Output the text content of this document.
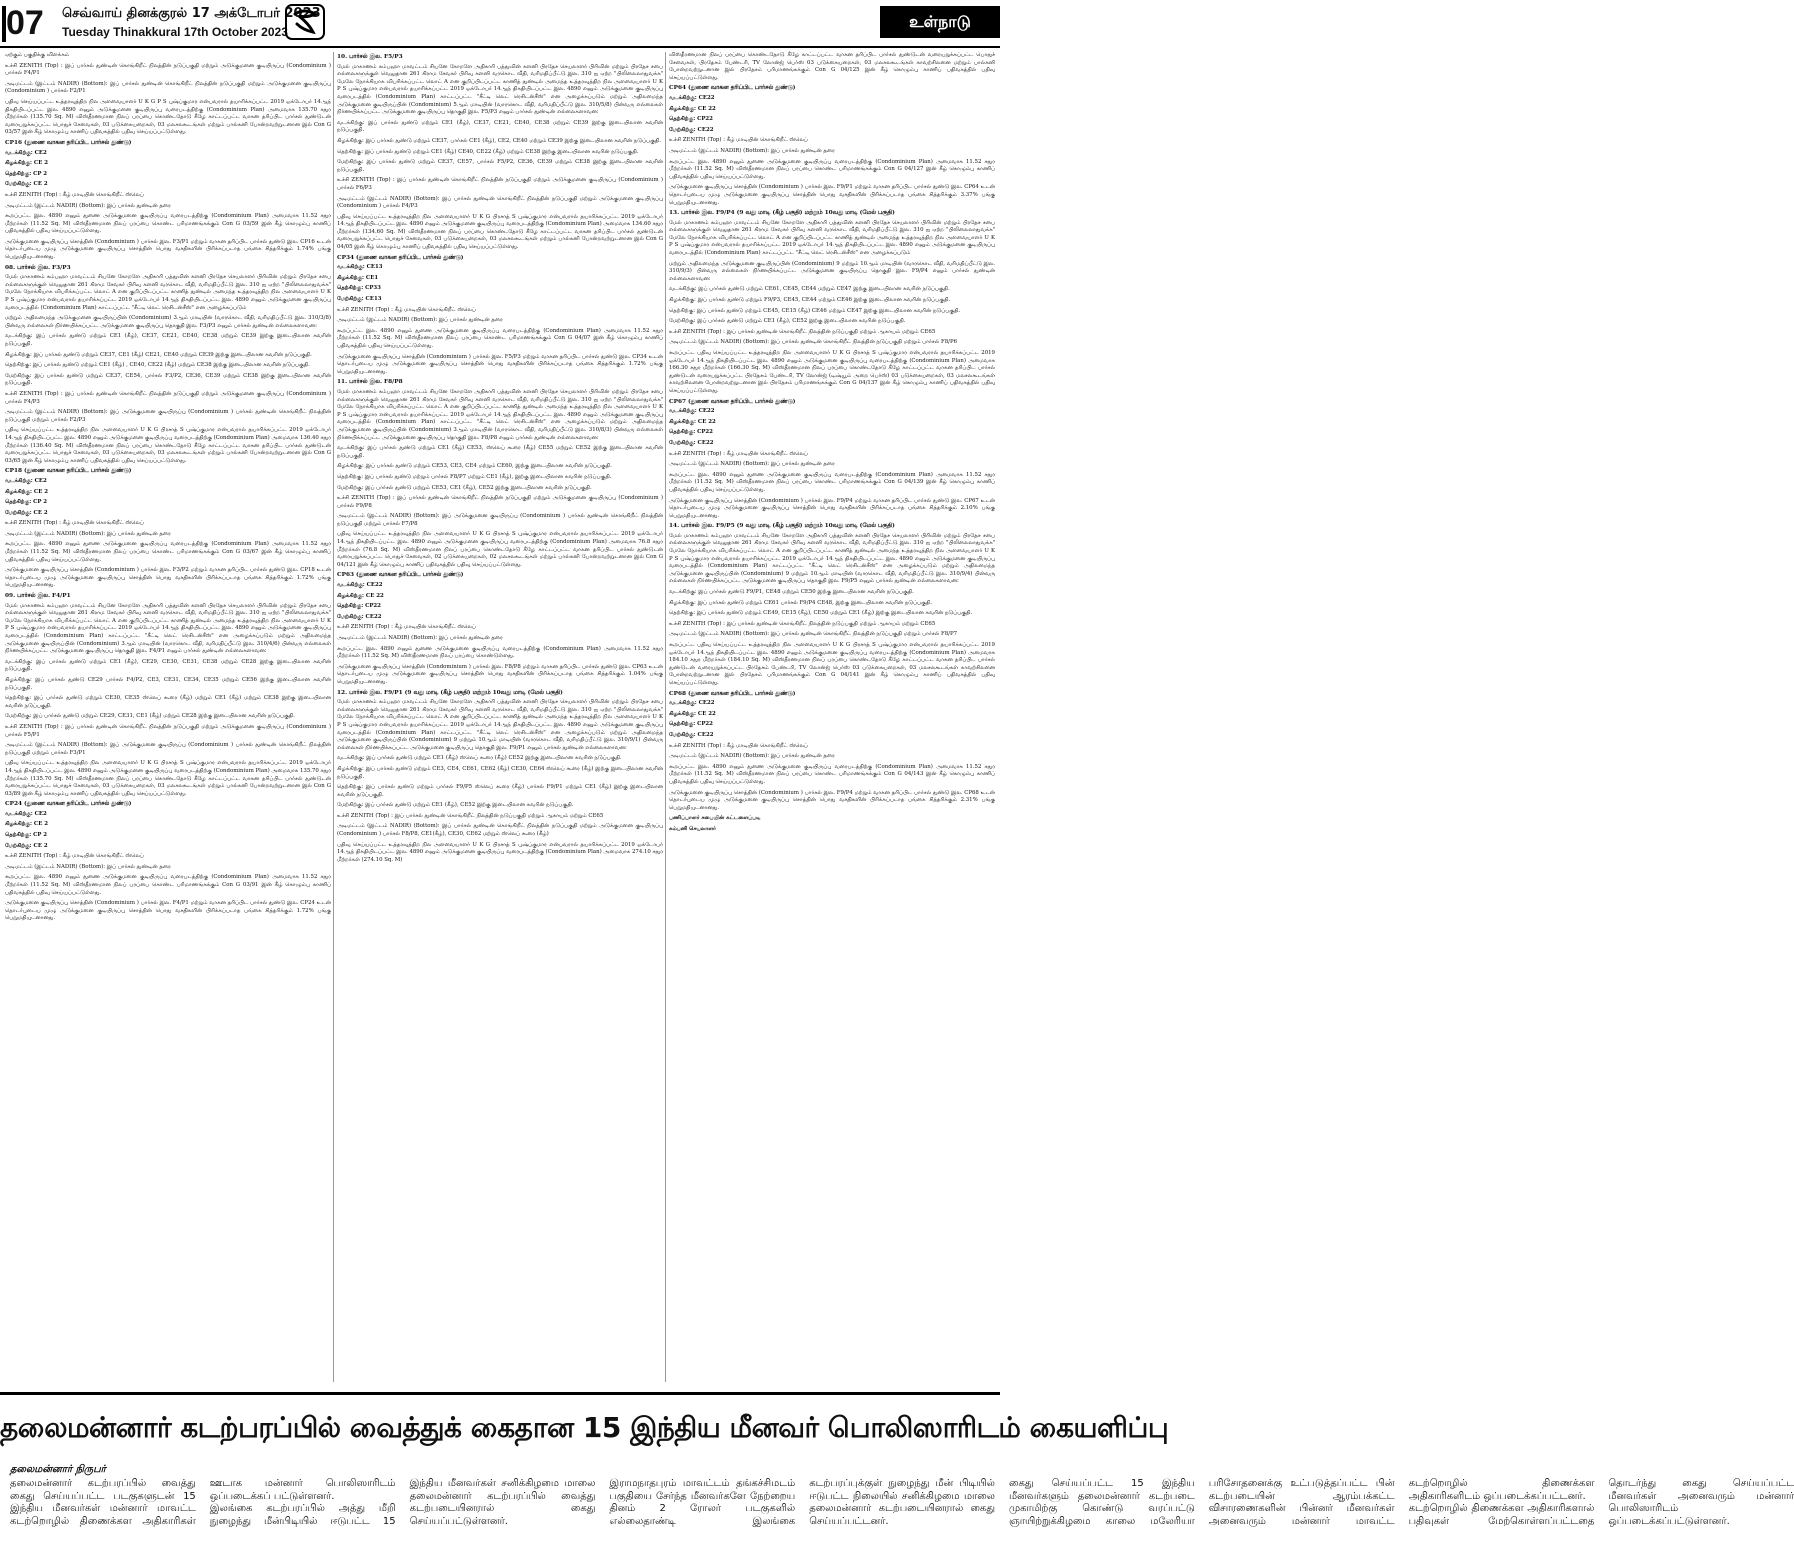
07 செவ்வாய் தினக்குரல் 17 அக்டோபர் 2023
Tuesday Thinakkural 17th October 2023
உள்நாடு

ஏற்கும் பகுதிக்கு விளக்கம்

உச்சி ZENITH (Top) : இப் பார்சல் துண்டின் கொங்கிறீட் நிலத்தின் நடுப்பகுதி மற்றும் அடுக்குமனை குடியிருப்பு (Condominium ) பார்சல் F4/P1

அடிமட்டம் (இட்டம் NADIR) (Bottom): இப் பார்சல் துண்டின் கொங்கிறீட் நிலத்தின் நடுப்பகுதி மற்றும் அடுக்குமனை குடியிருப்பு (Condominium ) பார்சல் F2/P1

பதிவு செய்யப்பட்ட உத்தரவுத்திற நில அளவையாளர் U K G P S புஷ்ப்குமார என்பவரால் தயாரிக்கப்பட்ட 2019 ஒக்டோபர் 14ஆந் திகதியிடப்பட்ட இல. 4890 எனும் அடுக்குமனை குடியிருப்பு வரைபடத்திற்கு (Condominium Plan) அமைவாக 135.70 சதுர மீற்றர்கள் (135.70 Sq. M) விஸ்தீரணமான நிலப் பரப்பை கொண்டதோடு கீழே காட்டப்பட்ட வாகன தரிப்பிட பார்சல் துண்டுடன் வரையறுக்கப்பட்ட பொதுச் சேவைகள், 03 படுக்கையறைகள், 03 மலசலகூடங்கள் மற்றும் பால்கனி போன்றவற்றுடனான இல் Con G 03/57 இன் கீழ் கொழும்பு காணிப் பதிவகத்தில் பதிவு செய்யப்பட்டுள்ளது.

CP16 (துணை வாகன தரிப்பிட பார்சல் துண்டு)

வடக்கிற்கு: CE2

கிழக்கிற்கு: CE 2

தெற்கிற்கு: CP 2

மேற்கிற்கு: CE 2

உச்சி ZENITH (Top) : கீழ் மாடியின் கொங்கிறீட் ஸ்லெப்

அடிமட்டம் (இட்டம் NADIR) (Bottom): இப் பார்சல் துண்டின் தரை

கூறப்பட்ட இல. 4890 எனும் துணை அடுக்குமனை குடியிருப்பு வரைபடத்திற்கு (Condominium Plan) அமைவாக 11.52 சதுர மீற்றர்கள் (11.52 Sq. M) விஸ்தீரணமான நிலப் பரப்பை கொண்ட பரிமாணங்கக்கும் Con G 03/59 இன் கீழ் கொழும்பு காணிப் பதிவகத்தில் பதிவு செய்யப்பட்டுள்ளது.

அடுக்குமனை குடியிருப்பு சொத்தின் (Condominium ) பார்சல் இல. F3/P1 மற்றும் வாகன தரிப்பிட பார்சல் துண்டு இல. CP16 உடன் தொடர்புடைய முழு அடுக்குமனை குடியிருப்பு சொத்தின் பொது வசதிகளின் பிரிக்கப்படாத பங்கை சித்தரிக்கும் 1.74% பங்கு பெறுமதியுடனானது.

08. பார்சல் இல. F3/P3

மேல் மாகாணம் கம்பஹா மாவட்டம் சியனே கோறளே அதிகாரி பத்துவின் களனி பிரதேச செயலாளர் பிரிவின் மற்றும் பிரதேச சபை எல்லைகளுக்குள் வெலுதான 261 கிராம சேவகர் பிரிவு களனி வரகொட வீதி, வரிமதிப்பீட்டு இல. 310 ஐ ஏற்ற "பிலிலைலாதுவக்க" மேலே நோக்கியாக விபரிக்கப்பட்ட லொட் A என குறிப்பிடப்பட்ட காணித் துண்டில் அமைந்த உத்தரவுத்திற நில அளவையாளர் U K P S புஷ்ப்குமார என்பவரால் தயாரிக்கப்பட்ட 2019 ஒக்டோபர் 14ஆந் திகதியிடப்பட்ட இல. 4890 எனும் அடுக்குமனை குடியிருப்பு வரைபடத்தில் (Condominium Plan) காட்டப்பட்ட "சீட்டி லெட் ரெசிடன்சீஸ்" என அழைக்கப்படும்

மற்றும் அதிலமைந்த அடுக்குமனை குடியிருப்பின் (Condominium) 3ஆம் மாடியின் (வாரகொட வீதி, வரிமதிப்பீட்டு இல. 310/3/8) பின்வரு எல்லைகள் நிர்ணயிக்கப்பட்ட அடுக்குமனை குடியிருப்பு தொகுதி இல. F3/P3 எனும் பார்சல் துண்டின் எல்லைகளாவன:

வடக்கிற்கு: இப் பார்சல் துண்டு மற்றும் CE1 (கீழ்), CE37, CE21, CE40, CE38 மற்றும் CE39 இற்கு இடையிலான சுவரின் நடுப்பகுதி.

கிழக்கிற்கு: இப் பார்சல் துண்டு மற்றும் CE37, CE1 (கீழ்) CE21, CE40 மற்றும் CE39 இற்கு இடையிலான சுவரின் நடுப்பகுதி.

தெற்கிற்கு: இப் பார்சல் துண்டு மற்றும் CE1 (கீழ்) , CE40, CE22 (கீழ்) மற்றும் CE38 இற்கு இடையிலான சுவரின் நடுப்பகுதி.

மேற்கிற்கு: இப் பார்சல் துண்டு மற்றும் CE37, CE54, பார்சல் F3/P2, CE36, CE39 மற்றும் CE38 இற்கு இடையிலான சுவரின் நடுப்பகுதி.

உச்சி ZENITH (Top) : இப் பார்சல் துண்டின் கொங்கிறீட் நிலத்தின் நடுப்பகுதி மற்றும் அடுக்குமனை குடியிருப்பு (Condominium ) பார்சல் F4/P3

அடிமட்டம் (இட்டம் NADIR) (Bottom): இப் அடுக்குமனை குடியிருப்பு (Condominium ) பார்சல் துண்டின் கொங்கிறீட் நிலத்தின் நடுப்பகுதி மற்றும் பார்சல் F2/P3

பதிவு செய்யப்பட்ட உத்தரவுத்திற நில அளவையாளர் U K G பிரசாத் S புஷ்ப்குமார என்பவரால் தயாரிக்கப்பட்ட 2019 ஒக்டோபர் 14ஆந் திகதியிடப்பட்ட இல. 4890 எனும் அடுக்குமனை குடியிருப்பு வரைபடத்திற்கு (Condominium Plan) அமைவாக 136.40 சதுர மீற்றர்கள் (136.40 Sq. M) விஸ்தீரணமான நிலப் பரப்பை கொண்டதோடு கீழே காட்டப்பட்ட வாகன தரிப்பிட பார்சல் துண்டுடன் வரையறுக்கப்பட்ட பொதுச் சேவைகள், 03 படுக்கையறைகள், 03 மலசலகூடங்கள் மற்றும் பால்கனி போன்றவற்றுடனான இல் Con G 03/65 இன் கீழ் கொழும்பு காணிப் பதிவகத்தில் பதிவு செய்யப்பட்டுள்ளது.

CP18 (துணை வாகன தரிப்பிட பார்சல் துண்டு)

வடக்கிற்கு: CE2

கிழக்கிற்கு: CE 2

தெற்கிற்கு: CP 2

மேற்கிற்கு: CE 2

உச்சி ZENITH (Top) : கீழ் மாடியின் கொங்கிறீட் ஸ்லெப்

அடிமட்டம் (இட்டம் NADIR) (Bottom): இப் பார்சல் துண்டின் தரை

கூறப்பட்ட இல. 4890 எனும் துணை அடுக்குமனை குடியிருப்பு வரைபடத்திற்கு (Condominium Plan) அமைவாக 11.52 சதுர மீற்றர்கள் (11.52 Sq. M) விஸ்தீரணமான நிலப் பரப்பை கொண்ட பரிமாணங்கக்கும் Con G 03/67 இன் கீழ் கொழும்பு காணிப் பதிவகத்தில் பதிவு செய்யப்பட்டுள்ளது.

அடுக்குமனை குடியிருப்பு சொத்தின் (Condominium ) பார்சல் இல. F3/P2 மற்றும் வாகன தரிப்பிட பார்சல் துண்டு இல. CP18 உடன் தொடர்புடைய முழு அடுக்குமனை குடியிருப்பு சொத்தின் பொது வசதிகளின் பிரிக்கப்படாத பங்கை சித்தரிக்கும் 1.72% பங்கு பெறுமதியுடனானது.

09. பார்சல் இல. F4/P1

மேல் மாகாணம் கம்பஹா மாவட்டம் சியனே கோறளே அதிகாரி பத்துவின் களனி பிரதேச செயலாளர் பிரிவின் மற்றும் பிரதேச சபை எல்லைகளுக்குள் வெலுதான 261 கிராம சேவகர் பிரிவு களனி வரகொட வீதி, வரிமதிப்பீட்டு இல. 310 ஐ ஏற்ற "பிலிலைலாதுவக்க" மேலே நோக்கியாக விபரிக்கப்பட்ட லொட் A என குறிப்பிடப்பட்ட காணித் துண்டில் அமைந்த உத்தரவுத்திற நில அளவையாளர் U K P S புஷ்ப்குமார என்பவரால் தயாரிக்கப்பட்ட 2019 ஒக்டோபர் 14ஆந் திகதியிடப்பட்ட இல. 4890 எனும் அடுக்குமனை குடியிருப்பு வரைபடத்தில் (Condominium Plan) காட்டப்பட்ட "சீட்டி லெட் ரெசிடன்சீஸ்" என அழைக்கப்படும் மற்றும் அதிலமைந்த அடுக்குமனை குடியிருப்பின் (Condominium) 3ஆம் மாடியின் (வாரகொட வீதி, வரிமதிப்பீட்டு இல. 310/4/6) பின்வரு எல்லைகள் நிர்ணயிக்கப்பட்ட அடுக்குமனை குடியிருப்பு தொகுதி இல. F4/P1 எனும் பார்சல் துண்டின் எல்லைகளாவன:

வடக்கிற்கு: இப் பார்சல் துண்டு மற்றும் CE1 (கீழ்), CE29, CE30, CE31, CE38 மற்றும் CE28 இற்கு இடையிலான சுவரின் நடுப்பகுதி.

கிழக்கிற்கு: இப் பார்சல் துண்டு CE29 பார்சல் F4/P2, CE3, CE31, CE34, CE35 மற்றும் CE56 இற்கு இடையிலான சுவரின் நடுப்பகுதி.

தெற்கிற்கு: இப் பார்சல் துண்டு மற்றும் CE30, CE35 ஸ்லெப் கூரை (கீழ்) மற்றும் CE1 (கீழ்) மற்றும் CE38 இற்கு இடையிலான சுவரின் நடுப்பகுதி.

மேற்கிற்கு: இப் பார்சல் துண்டு மற்றும் CE29, CE31, CE1 (கீழ்) மற்றும் CE28 இற்கு இடையிலான சுவரின் நடுப்பகுதி.

உச்சி ZENITH (Top) : இப் பார்சல் துண்டின் கொங்கிறீட் நிலத்தின் நடுப்பகுதி மற்றும் அடுக்குமனை குடியிருப்பு (Condominium ) பார்சல் F5/P1

அடிமட்டம் (இட்டம் NADIR) (Bottom): இப் அடுக்குமனை குடியிருப்பு (Condominium ) பார்சல் துண்டின் கொங்கிறீட் நிலத்தின் நடுப்பகுதி மற்றும் பார்சல் F3/P1

பதிவு செய்யப்பட்ட உத்தரவுத்திற நில அளவையாளர் U K G பிரசாத் S புஷ்ப்குமார என்பவரால் தயாரிக்கப்பட்ட 2019 ஒக்டோபர் 14ஆந் திகதியிடப்பட்ட இல. 4890 எனும் அடுக்குமனை குடியிருப்பு வரைபடத்திற்கு (Condominium Plan) அமைவாக 135.70 சதுர மீற்றர்கள் (135.70 Sq. M) விஸ்தீரணமான நிலப் பரப்பை கொண்டதோடு கீழே காட்டப்பட்ட வாகன தரிப்பிட பார்சல் துண்டுடன் வரையறுக்கப்பட்ட பொதுச் சேவைகள், 03 படுக்கையறைகள், 03 மலசலகூடங்கள் மற்றும் பால்கனி போன்றவற்றுடனான இல் Con G 03/89 இன் கீழ் கொழும்பு காணிப் பதிவகத்தில் பதிவு செய்யப்பட்டுள்ளது.

CP24 (துணை வாகன தரிப்பிட பார்சல் துண்டு)

வடக்கிற்கு: CE2

கிழக்கிற்கு: CE 2

தெற்கிற்கு: CP 2

மேற்கிற்கு: CE 2

உச்சி ZENITH (Top) : கீழ் மாடியின் கொங்கிறீட் ஸ்லெப்

அடிமட்டம் (இட்டம் NADIR) (Bottom): இப் பார்சல் துண்டின் தரை

கூறப்பட்ட இல. 4890 எனும் துணை அடுக்குமனை குடியிருப்பு வரைபடத்திற்கு (Condominium Plan) அமைவாக 11.52 சதுர மீற்றர்கள் (11.52 Sq. M) விஸ்தீரணமான நிலப் பரப்பை கொண்ட பரிமாணங்கக்கும் Con G 03/91 இன் கீழ் கொழும்பு காணிப் பதிவகத்தில் பதிவு செய்யப்பட்டுள்ளது.

அடுக்குமனை குடியிருப்பு சொத்தின் (Condominium ) பார்சல் இல. F4/P1 மற்றும் வாகன தரிப்பிட பார்சல் துண்டு இல. CP24 உடன் தொடர்புடைய முழு அடுக்குமனை குடியிருப்பு சொத்தின் பொது வசதிகளின் பிரிக்கப்படாத பங்கை சித்தரிக்கும் 1.72% பங்கு பெறுமதியுடனானது.

10. பார்சல் இல. F5/P3

மேல் மாகாணம் கம்பஹா மாவட்டம் சியனே கோறளே அதிகாரி பத்துவின் களனி பிரதேச செயலாளர் பிரிவின் மற்றும் பிரதேச சபை எல்லைகளுக்குள் வெலுதான 261 கிராம சேவகர் பிரிவு களனி வரகொட வீதி, வரிமதிப்பீட்டு இல. 310 ஐ ஏற்ற "பிலிலைலாதுவக்க" மேலே நோக்கியாக விபரிக்கப்பட்ட லொட் A என குறிப்பிடப்பட்ட காணித் துண்டில் அமைந்த உத்தரவுத்திற நில அளவையாளர் U K P S புஷ்ப்குமார என்பவரால் தயாரிக்கப்பட்ட 2019 ஒக்டோபர் 14ஆந் திகதியிடப்பட்ட இல. 4890 எனும் அடுக்குமனை குடியிருப்பு வரைபடத்தில் (Condominium Plan) காட்டப்பட்ட "சீட்டி லெட் ரெசிடன்சீஸ்" என அழைக்கப்படும் மற்றும் அதிலமைந்த அடுக்குமனை குடியிருப்பின் (Condominium) 5ஆம் மாடியின் (வாரகொட வீதி, வரிமதிப்பீட்டு இல. 310/5/8) பின்வரு எல்லைகள் நிர்ணயிக்கப்பட்ட அடுக்குமனை குடியிருப்பு தொகுதி இல. F5/P3 எனும் பார்சல் துண்டின் எல்லைகளாவன:

வடக்கிற்கு: இப் பார்சல் துண்டு மற்றும் CE1 (கீழ்), CE37, CE21, CE40, CE38 மற்றும் CE39 இற்கு இடையிலான சுவரின் நடுப்பகுதி.

கிழக்கிற்கு: இப் பார்சல் துண்டு மற்றும் CE37, பார்சல் CE1 (கீழ்), CE2, CE40 மற்றும் CE39 இற்கு இடையிலான சுவரின் நடுப்பகுதி.

தெற்கிற்கு: இப் பார்சல் துண்டு மற்றும் CE1 (கீழ்) CE40, CE22 (கீழ்) மற்றும் CE38 இற்கு இடையிலான சுவரின் நடுப்பகுதி.

மேற்கிற்கு: இப் பார்சல் துண்டு மற்றும் CE37, CE57, பார்சல் F5/P2, CE36, CE39 மற்றும் CE38 இற்கு இடையிலான சுவரின் நடுப்பகுதி.

உச்சி ZENITH (Top) : இப் பார்சல் துண்டின் கொங்கிறீட் நிலத்தின் நடுப்பகுதி மற்றும் அடுக்குமனை குடியிருப்பு (Condominium ) பார்சல் F6/P3

அடிமட்டம் (இட்டம் NADIR) (Bottom): இப் பார்சல் துண்டின் கொங்கிறீட் நிலத்தின் நடுப்பகுதி மற்றும் அடுக்குமனை குடியிருப்பு (Condominium ) பார்சல் F4/P3

பதிவு செய்யப்பட்ட உத்தரவுத்திற நில அளவையாளர் U K G பிரசாத் S புஷ்ப்குமார என்பவரால் தயாரிக்கப்பட்ட 2019 ஒக்டோபர் 14ஆந் திகதியிடப்பட்ட இல. 4890 எனும் அடுக்குமனை குடியிருப்பு வரைபடத்திற்கு (Condominium Plan) அமைவாக 134.60 சதுர மீற்றர்கள் (134.60 Sq. M) விஸ்தீரணமான நிலப் பரப்பை கொண்டதோடு கீழே காட்டப்பட்ட வாகன தரிப்பிட பார்சல் துண்டுடன் வரையறுக்கப்பட்ட பொதுச் சேவைகள், 03 படுக்கையறைகள், 03 மலசலகூடங்கள் மற்றும் பால்கனி போன்றவற்றுடனான இல் Con G 04/05 இன் கீழ் கொழும்பு காணிப் பதிவகத்தில் பதிவு செய்யப்பட்டுள்ளது.

CP34 (துணை வாகன தரிப்பிட பார்சல் துண்டு)

வடக்கிற்கு: CE13

கிழக்கிற்கு: CE1

தெற்கிற்கு: CP33

மேற்கிற்கு: CE13

உச்சி ZENITH (Top) : கீழ் மாடியின் கொங்கிறீட் ஸ்லெப்

அடிமட்டம் (இட்டம் NADIR) (Bottom): இப் பார்சல் துண்டின் தரை

கூறப்பட்ட இல. 4890 எனும் துணை அடுக்குமனை குடியிருப்பு வரைபடத்திற்கு (Condominium Plan) அமைவாக 11.52 சதுர மீற்றர்கள் (11.52 Sq. M) விஸ்தீரணமான நிலப் பரப்பை கொண்ட பரிமாணங்கக்கும் Con G 04/07 இன் கீழ் கொழும்பு காணிப் பதிவகத்தில் பதிவு செய்யப்பட்டுள்ளது.

அடுக்குமனை குடியிருப்பு சொத்தின் (Condominium ) பார்சல் இல. F5/P3 மற்றும் வாகன தரிப்பிட பார்சல் துண்டு இல. CP34 உடன் தொடர்புடைய முழு அடுக்குமனை குடியிருப்பு சொத்தின் பொது வசதிகளின் பிரிக்கப்படாத பங்கை சித்தரிக்கும் 1.72% பங்கு பெறுமதியுடனானது.

11. பார்சல் இல. F8/P8

மேல் மாகாணம் கம்பஹா மாவட்டம் சியனே கோறளே அதிகாரி பத்துவின் களனி பிரதேச செயலாளர் பிரிவின் மற்றும் பிரதேச சபை எல்லைகளுக்குள் வெலுதான 261 கிராம சேவகர் பிரிவு களனி வரகொட வீதி, வரிமதிப்பீட்டு இல. 310 ஐ ஏற்ற "பிலிலைலாதுவக்க" மேலே நோக்கியாக விபரிக்கப்பட்ட லொட் A என குறிப்பிடப்பட்ட காணித் துண்டில் அமைந்த உத்தரவுத்திற நில அளவையாளர் U K P S புஷ்ப்குமார என்பவரால் தயாரிக்கப்பட்ட 2019 ஒக்டோபர் 14ஆந் திகதியிடப்பட்ட இல. 4890 எனும் அடுக்குமனை குடியிருப்பு வரைபடத்தில் (Condominium Plan) காட்டப்பட்ட "சீட்டி லெட் ரெசிடன்சீஸ்" என அழைக்கப்படும் மற்றும் அதிலமைந்த அடுக்குமனை குடியிருப்பின் (Condominium) 3ஆம் மாடியின் (வாரகொட வீதி, வரிமதிப்பீட்டு இல. 310/8/3) பின்வரு எல்லைகள் நிர்ணயிக்கப்பட்ட அடுக்குமனை குடியிருப்பு தொகுதி இல. F8/P8 எனும் பார்சல் துண்டின் எல்லைகளாவன:

வடக்கிற்கு: இப் பார்சல் துண்டு மற்றும் CE1 (கீழ்) CE53, ஸ்லெப் கூரை (கீழ்) CE55 மற்றும் CE52 இற்கு இடையிலான சுவரின் நடுப்பகுதி.

கிழக்கிற்கு: இப் பார்சல் துண்டு மற்றும் CE53, CE3, CE4 மற்றும் CE60, இற்கு இடையிலான சுவரின் நடுப்பகுதி.

தெற்கிற்கு: இப் பார்சல் துண்டு மற்றும் பார்சல் F8/P7 மற்றும் CE1 (கீழ்), இற்கு இடையிலான சுவரின் நடுப்பகுதி.

மேற்கிற்கு: இப் பார்சல் துண்டு மற்றும் CE53, CE1 (கீழ்), CE52 இற்கு இடையிலான சுவரின் நடுப்பகுதி.

உச்சி ZENITH (Top) : இப் பார்சல் துண்டின் கொங்கிறீட் நிலத்தின் நடுப்பகுதி மற்றும் அடுக்குமனை குடியிருப்பு (Condominium ) பார்சல் F9/P8

அடிமட்டம் (இட்டம் NADIR) (Bottom): இப் அடுக்குமனை குடியிருப்பு (Condominium ) பார்சல் துண்டின் கொங்கிறீட் நிலத்தின் நடுப்பகுதி மற்றும் பார்சல் F7/P8

பதிவு செய்யப்பட்ட உத்தரவுத்திற நில அளவையாளர் U K G பிரசாத் S புஷ்ப்குமார என்பவரால் தயாரிக்கப்பட்ட 2019 ஒக்டோபர் 14ஆந் திகதியிடப்பட்ட இல. 4890 எனும் அடுக்குமனை குடியிருப்பு வரைபடத்திற்கு (Condominium Plan) அமைவாக 76.8 சதுர மீற்றர்கள் (76.8 Sq. M) விஸ்தீரணமான நிலப் பரப்பை கொண்டதோடு கீழே காட்டப்பட்ட வாகன தரிப்பிட பார்சல் துண்டுடன் வரையறுக்கப்பட்ட பொதுச் சேவைகள், 02 படுக்கையறைகள், 02 மலசலகூடங்கள் மற்றும் பால்கனி போன்றவற்றுடனான இல் Con G 04/121 இன் கீழ் கொழும்பு காணிப் பதிவகத்தில் பதிவு செய்யப்பட்டுள்ளது.

CP63 (துணை வாகன தரிப்பிட பார்சல் துண்டு)

வடக்கிற்கு: CE22

கிழக்கிற்கு: CE 22

தெற்கிற்கு: CP22

மேற்கிற்கு: CE22

உச்சி ZENITH (Top) : கீழ் மாடியின் கொங்கிறீட் ஸ்லெப்

அடிமட்டம் (இட்டம் NADIR) (Bottom): இப் பார்சல் துண்டின் தரை

கூறப்பட்ட இல. 4890 எனும் துணை அடுக்குமனை குடியிருப்பு வரைபடத்திற்கு (Condominium Plan) அமைவாக 11.52 சதுர மீற்றர்கள் (11.52 Sq. M) விஸ்தீரணமான நிலப் பரப்பை கொண்டுள்ளது.

அடுக்குமனை குடியிருப்பு சொத்தின் (Condominium ) பார்சல் இல. F8/P8 மற்றும் வாகன தரிப்பிட பார்சல் துண்டு இல. CP63 உடன் தொடர்புடைய முழு அடுக்குமனை குடியிருப்பு சொத்தின் பொது வசதிகளின் பிரிக்கப்படாத பங்கை சித்தரிக்கும் 1.04% பங்கு பெறுமதியுடனானது.

12. பார்சல் இல. F9/P1 (9 வது மாடி (கீழ் பகுதி) மற்றும் 10வது மாடி (மேல் பகுதி)

மேல் மாகாணம் கம்பஹா மாவட்டம் சியனே கோறளே அதிகாரி பத்துவின் களனி பிரதேச செயலாளர் பிரிவின் மற்றும் பிரதேச சபை எல்லைகளுக்குள் வெலுதான 261 கிராம சேவகர் பிரிவு களனி வரகொட வீதி, வரிமதிப்பீட்டு இல. 310 ஐ ஏற்ற "பிலிலைலாதுவக்க" மேலே நோக்கியாக விபரிக்கப்பட்ட லொட் A என குறிப்பிடப்பட்ட காணித் துண்டில் அமைந்த உத்தரவுத்திற நில அளவையாளர் U K P S புஷ்ப்குமார என்பவரால் தயாரிக்கப்பட்ட 2019 ஒக்டோபர் 14ஆந் திகதியிடப்பட்ட இல. 4890 எனும் அடுக்குமனை குடியிருப்பு வரைபடத்தில் (Condominium Plan) காட்டப்பட்ட "சீட்டி லெட் ரெசிடன்சீஸ்" என அழைக்கப்படும் மற்றும் அதிலமைந்த அடுக்குமனை குடியிருப்பின் (Condominium) 9 மற்றும் 10ஆம் மாடியின் (வாரகொட வீதி, வரிமதிப்பீட்டு இல. 310/9/1) பின்வரு எல்லைகள் நிர்ணயிக்கப்பட்ட அடுக்குமனை குடியிருப்பு தொகுதி இல. F9/P1 எனும் பார்சல் துண்டின் எல்லைகளாவன:

வடக்கிற்கு: இப் பார்சல் துண்டு மற்றும் CE1 (கீழ்) ஸ்லெப் கூரை (கீழ்) CE52 இற்கு இடையிலான சுவரின் நடுப்பகுதி.

கிழக்கிற்கு: இப் பார்சல் துண்டு மற்றும் CE3, CE4, CE61, CE62 (கீழ்) CE30, CE64 ஸ்லெப் கூரை (கீழ்) இற்கு இடையிலான சுவரின் நடுப்பகுதி.

தெற்கிற்கு: இப் பார்சல் துண்டு மற்றும் பார்சல் F9/P5 ஸ்லெப் கூரை (கீழ்) பார்சல் F9/P1 மற்றும் CE1 (கீழ்) இற்கு இடையிலான சுவரின் நடுப்பகுதி.

மேற்கிற்கு: இப் பார்சல் துண்டு மற்றும் CE1 (கீழ்), CE52 இற்கு இடையிலான சுவரின் நடுப்பகுதி.

உச்சி ZENITH (Top) : இப் பார்சல் துண்டின் கொங்கிறீட் நிலத்தின் நடுப்பகுதி மற்றும் ஆகாயம் மற்றும் CE65

அடிமட்டம் (இட்டம் NADIR) (Bottom): இப் பார்சல் துண்டின் கொங்கிறீட் நிலத்தின் நடுப்பகுதி மற்றும் அடுக்குமனை குடியிருப்பு (Condominium ) பார்சல் F8/P8, CE1(கீழ்), CE30, CE62 மற்றும் ஸ்லெப் கூரை (கீழ்)

பதிவு செய்யப்பட்ட உத்தரவுத்திற நில அளவையாளர் U K G பிரசாத் S புஷ்ப்குமார என்பவரால் தயாரிக்கப்பட்ட 2019 ஒக்டோபர் 14ஆந் திகதியிடப்பட்ட இல. 4890 எனும் அடுக்குமனை குடியிருப்பு வரைபடத்திற்கு (Condominium Plan) அமைவாக 274.10 சதுர மீற்றர்கள் (274.10 Sq. M)

விஸ்தீரணமான நிலப் பரப்பை கொண்டதோடு கீழே காட்டப்பட்ட வாகன தரிப்பிட பார்சல் துண்டுடன் வரையறுக்கப்பட்ட பொதுச் சேவைகள், பிரதேசம் பேண்டரி, TV லோன்ஜ் பெர்ஸ் 03 படுக்கையறைகள், 03 மலசலகூடங்கள் காவற்சிலனை மற்றும் பால்கனி போன்றவற்றுடனான இல் பிரதேசம் பரிமாணங்கக்கும் Con G 04/125 இன் கீழ் கொழும்பு காணிப் பதிவகத்தில் பதிவு செய்யப்பட்டுள்ளது.

CP64 (துணை வாகன தரிப்பிட பார்சல் துண்டு)

வடக்கிற்கு: CE22

கிழக்கிற்கு: CE 22

தெற்கிற்கு: CP22

மேற்கிற்கு: CE22

உச்சி ZENITH (Top) : கீழ் மாடியின் கொங்கிறீட் ஸ்லெப்

அடிமட்டம் (இட்டம் NADIR) (Bottom): இப் பார்சல் துண்டின் தரை

கூறப்பட்ட இல. 4890 எனும் துணை அடுக்குமனை குடியிருப்பு வரைபடத்திற்கு (Condominium Plan) அமைவாக 11.52 சதுர மீற்றர்கள் (11.52 Sq. M) விஸ்தீரணமான நிலப் பரப்பை கொண்ட பரிமாணங்கக்கும் Con G 04/127 இன் கீழ் கொழும்பு காணிப் பதிவகத்தில் பதிவு செய்யப்பட்டுள்ளது.

அடுக்குமனை குடியிருப்பு சொத்தின் (Condominium ) பார்சல் இல. F9/P1 மற்றும் வாகன தரிப்பிட பார்சல் துண்டு இல. CP64 உடன் தொடர்புடைய முழு அடுக்குமனை குடியிருப்பு சொத்தின் பொது வசதிகளின் பிரிக்கப்படாத பங்கை சித்தரிக்கும் 3.37% பங்கு பெறுமதியுடனானது.

13. பார்சல் இல. F9/P4 (9 வது மாடி (கீழ் பகுதி) மற்றும் 10வது மாடி (மேல் பகுதி)

மேல் மாகாணம் கம்பஹா மாவட்டம் சியனே கோறளே அதிகாரி பத்துவின் களனி பிரதேச செயலாளர் பிரிவின் மற்றும் பிரதேச சபை எல்லைகளுக்குள் வெலுதான 261 கிராம சேவகர் பிரிவு களனி வரகொட வீதி, வரிமதிப்பீட்டு இல. 310 ஐ ஏற்ற "பிலிலைலாதுவக்க" மேலே நோக்கியாக விபரிக்கப்பட்ட லொட் A என குறிப்பிடப்பட்ட காணித் துண்டில் அமைந்த உத்தரவுத்திற நில அளவையாளர் U K P S புஷ்ப்குமார என்பவரால் தயாரிக்கப்பட்ட 2019 ஒக்டோபர் 14ஆந் திகதியிடப்பட்ட இல. 4890 எனும் அடுக்குமனை குடியிருப்பு வரைபடத்தில் (Condominium Plan) காட்டப்பட்ட "சீட்டி லெட் ரெசிடன்சீஸ்" என அழைக்கப்படும்

மற்றும் அதிலமைந்த அடுக்குமனை குடியிருப்பின் (Condominium) 9 மற்றும் 10ஆம் மாடியின் (வாரகொட வீதி, வரிமதிப்பீட்டு இல. 310/9/3) பின்வரு எல்லைகள் நிர்ணயிக்கப்பட்ட அடுக்குமனை குடியிருப்பு தொகுதி இல. F9/P4 எனும் பார்சல் துண்டின் எல்லைகளாவன:

வடக்கிற்கு: இப் பார்சல் துண்டு மற்றும் CE61, CE45, CE44 மற்றும் CE47 இற்கு இடையிலான சுவரின் நடுப்பகுதி.

கிழக்கிற்கு: இப் பார்சல் துண்டு மற்றும் F9/P3, CE45, CE44 மற்றும் CE46 இற்கு இடையிலான சுவரின் நடுப்பகுதி.

தெற்கிற்கு: இப் பார்சல் துண்டு மற்றும் CE45, CE15 (கீழ்) CE46 மற்றும் CE47 இற்கு இடையிலான சுவரின் நடுப்பகுதி.

மேற்கிற்கு: இப் பார்சல் துண்டு மற்றும் CE1 (கீழ்), CE52 இற்கு இடையிலான சுவரின் நடுப்பகுதி.

உச்சி ZENITH (Top) : இப் பார்சல் துண்டின் கொங்கிறீட் நிலத்தின் நடுப்பகுதி மற்றும் ஆகாயம் மற்றும் CE65

அடிமட்டம் (இட்டம் NADIR) (Bottom): இப் பார்சல் துண்டின் கொங்கிறீட் நிலத்தின் நடுப்பகுதி மற்றும் பார்சல் F8/P6

கூறப்பட்ட பதிவு செய்யப்பட்ட உத்தரவுத்திற நில அளவையாளர் U K G பிரசாத் S புஷ்ப்குமார என்பவரால் தயாரிக்கப்பட்ட 2019 ஒக்டோபர் 14ஆந் திகதியிடப்பட்ட இல. 4890 எனும் அடுக்குமனை குடியிருப்பு வரைபடத்திற்கு (Condominium Plan) அமைவாக 166.30 சதுர மீற்றர்கள் (166.30 Sq. M) விஸ்தீரணமான நிலப் பரப்பை கொண்டதோடு கீழே காட்டப்பட்ட வாகன தரிப்பிட பார்சல் துண்டுடன் வரையறுக்கப்பட்ட பிரதேசம் பேண்டரி, TV லோன்ஜ் (டிஷ்யூம் அறை பெர்ஸ்) 03 படுக்கையறைகள், 03 மலசலகூடங்கள் காவற்சிலனை போன்றவற்றுடனான இல் பிரதேசம் பரிமாணங்கக்கும் Con G 04/137 இன் கீழ் கொழும்பு காணிப் பதிவகத்தில் பதிவு செய்யப்பட்டுள்ளது.

CP67 (துணை வாகன தரிப்பிட பார்சல் துண்டு)

வடக்கிற்கு: CE22

கிழக்கிற்கு: CE 22

தெற்கிற்கு: CP22

மேற்கிற்கு: CE22

உச்சி ZENITH (Top) : கீழ் மாடியின் கொங்கிறீட் ஸ்லெப்

அடிமட்டம் (இட்டம் NADIR) (Bottom): இப் பார்சல் துண்டின் தரை

கூறப்பட்ட இல. 4890 எனும் துணை அடுக்குமனை குடியிருப்பு வரைபடத்திற்கு (Condominium Plan) அமைவாக 11.52 சதுர மீற்றர்கள் (11.52 Sq. M) விஸ்தீரணமான நிலப் பரப்பை கொண்ட பரிமாணங்கக்கும் Con G 04/139 இன் கீழ் கொழும்பு காணிப் பதிவகத்தில் பதிவு செய்யப்பட்டுள்ளது.

அடுக்குமனை குடியிருப்பு சொத்தின் (Condominium ) பார்சல் இல. F9/P4 மற்றும் வாகன தரிப்பிட பார்சல் துண்டு இல. CP67 உடன் தொடர்புடைய முழு அடுக்குமனை குடியிருப்பு சொத்தின் பொது வசதிகளின் பிரிக்கப்படாத பங்கை சித்தரிக்கும் 2.10% பங்கு பெறுமதியுடனானது.

14. பார்சல் இல. F9/P5 (9 வது மாடி (கீழ் பகுதி) மற்றும் 10வது மாடி (மேல் பகுதி)

மேல் மாகாணம் கம்பஹா மாவட்டம் சியனே கோறளே அதிகாரி பத்துவின் களனி பிரதேச செயலாளர் பிரிவின் மற்றும் பிரதேச சபை எல்லைகளுக்குள் வெலுதான 261 கிராம சேவகர் பிரிவு களனி வரகொட வீதி, வரிமதிப்பீட்டு இல. 310 ஐ ஏற்ற "பிலிலைலாதுவக்க" மேலே நோக்கியாக விபரிக்கப்பட்ட லொட் A என குறிப்பிடப்பட்ட காணித் துண்டில் அமைந்த உத்தரவுத்திற நில அளவையாளர் U K P S புஷ்ப்குமார என்பவரால் தயாரிக்கப்பட்ட 2019 ஒக்டோபர் 14ஆந் திகதியிடப்பட்ட இல. 4890 எனும் அடுக்குமனை குடியிருப்பு வரைபடத்தில் (Condominium Plan) காட்டப்பட்ட "சீட்டி லெட் ரெசிடன்சீஸ்" என அழைக்கப்படும் மற்றும் அதிலமைந்த அடுக்குமனை குடியிருப்பின் (Condominium) 9 மற்றும் 10ஆம் மாடியின் (வாரகொட வீதி, வரிமதிப்பீட்டு இல. 310/9/4) பின்வரு எல்லைகள் நிர்ணயிக்கப்பட்ட அடுக்குமனை குடியிருப்பு தொகுதி இல. F9/P5 எனும் பார்சல் துண்டின் எல்லைகளாவன:

வடக்கிற்கு: இப் பார்சல் துண்டு F9/P1, CE48 மற்றும் CE50 இற்கு இடையிலான சுவரின் நடுப்பகுதி.

கிழக்கிற்கு: இப் பார்சல் துண்டு மற்றும் CE61 பார்சல் F9/P4 CE48, இற்கு இடையிலான சுவரின் நடுப்பகுதி.

தெற்கிற்கு: இப் பார்சல் துண்டு மற்றும் CE49, CE15 (கீழ்), CE50 மற்றும் CE1 (கீழ்) இற்கு இடையிலான சுவரின் நடுப்பகுதி.

உச்சி ZENITH (Top) : இப் பார்சல் துண்டின் கொங்கிறீட் நிலத்தின் நடுப்பகுதி மற்றும் ஆகாயம் மற்றும் CE65

அடிமட்டம் (இட்டம் NADIR) (Bottom): இப் பார்சல் துண்டின் கொங்கிறீட் நிலத்தின் நடுப்பகுதி மற்றும் பார்சல் F8/P7

கூறப்பட்ட பதிவு செய்யப்பட்ட உத்தரவுத்திற நில அளவையாளர் U K G பிரசாத் S புஷ்ப்குமார என்பவரால் தயாரிக்கப்பட்ட 2019 ஒக்டோபர் 14ஆந் திகதியிடப்பட்ட இல. 4890 எனும் அடுக்குமனை குடியிருப்பு வரைபடத்திற்கு (Condominium Plan) அமைவாக 184.10 சதுர மீற்றர்கள் (184.10 Sq. M) விஸ்தீரணமான நிலப் பரப்பை கொண்டதோடு கீழே காட்டப்பட்ட வாகன தரிப்பிட பார்சல் துண்டுடன் வரையறுக்கப்பட்ட பிரதேசம் பேண்டரி, TV லோன்ஜ் பெர்ஸ் 03 படுக்கையறைகள், 03 மலசலகூடங்கள் காவற்சிலனை போன்றவற்றுடனான இல் பிரதேசம் பரிமாணங்கக்கும் Con G 04/141 இன் கீழ் கொழும்பு காணிப் பதிவகத்தில் பதிவு செய்யப்பட்டுள்ளது.

CP68 (துணை வாகன தரிப்பிட பார்சல் துண்டு)

வடக்கிற்கு: CE22

கிழக்கிற்கு: CE 22

தெற்கிற்கு: CP22

மேற்கிற்கு: CE22

உச்சி ZENITH (Top) : கீழ் மாடியின் கொங்கிறீட் ஸ்லெப்

அடிமட்டம் (இட்டம் NADIR) (Bottom): இப் பார்சல் துண்டின் தரை

கூறப்பட்ட இல. 4890 எனும் துணை அடுக்குமனை குடியிருப்பு வரைபடத்திற்கு (Condominium Plan) அமைவாக 11.52 சதுர மீற்றர்கள் (11.52 Sq. M) விஸ்தீரணமான நிலப் பரப்பை கொண்ட பரிமாணங்கக்கும் Con G 04/143 இன் கீழ் கொழும்பு காணிப் பதிவகத்தில் பதிவு செய்யப்பட்டுள்ளது.

அடுக்குமனை குடியிருப்பு சொத்தின் (Condominium ) பார்சல் இல. F9/P4 மற்றும் வாகன தரிப்பிட பார்சல் துண்டு இல. CP68 உடன் தொடர்புடைய முழு அடுக்குமனை குடியிருப்பு சொத்தின் பொது வசதிகளின் பிரிக்கப்படாத பங்கை சித்தரிக்கும் 2.31% பங்கு பெறுமதியுடனானது.

பணிப்பாளர் சபையின் கட்டளைப்படி

கம்பனி செயலாளர்

தலைமன்னார் கடற்பரப்பில் வைத்துக் கைதான 15 இந்திய மீனவர் பொலிஸாரிடம் கையளிப்பு
தலைமன்னார் நிருபர்

தலைமன்னார் கடற்பரப்பில் வைத்து கைது செய்யப்பட்ட படகுகளுடன் 15 இந்திய மீனவர்கள் மன்னார் மாவட்ட கடற்றொழில் திணைக்கள அதிகாரிகள் ஊடாக மன்னார் பொலிஸாரிடம் ஒப்படைக்கப் பட்டுள்ளனர்.

இலங்கை கடற்பரப்பில் அத்து மீறி நுழைந்து மீன்பிடியில் ஈடுபட்ட 15 இந்திய மீனவர்கள் சனிக்கிழமை மாலை தலைமன்னார் கடற்பரப்பில் வைத்து கடற்படையினரால் கைது செய்யப்பட்டுள்ளனர்.

இராமநாதபுரம் மாவட்டம் தங்கச்சிமடம் பகுதியை சேர்ந்த மீனவர்களே நேற்றைய தினம் 2 ரோலர் படகுகளில் எல்லைதாண்டி இலங்கை கடற்பரப்புக்குள் நுழைந்து மீன் பிடியில் ஈடுபட்ட நிலையில் சனிக்கிழமை மாலை தலைமன்னார் கடற்படையினரால் கைது செய்யப்பட்டனர்.

கைது செய்யப்பட்ட 15 இந்திய மீனவர்களும் தலைமன்னார் கடற்படை முகாமிற்கு கொண்டு வரப்பட்டு ஞாயிற்றுக்கிழமை காலை மலேரியா பரிசோதனைக்கு உட்படுத்தப்பட்ட பின் கடற்படையின் ஆரம்பக்கட்ட விசாரணைகளின் பின்னர் மீனவர்கள் அனைவரும் மன்னார் மாவட்ட கடற்றொழில் திணைக்கள அதிகாரிகளிடம் ஒப்படைக்கப்பட்டனர்.

கடற்றொழில் திணைக்கள அதிகாரிகளால் பதிவுகள் மேற்கொள்ளப்பட்டதை தொடர்ந்து கைது செய்யப்பட்ட மீனவர்கள் அனைவரும் மன்னார் பொலிஸாரிடம் ஒப்படைக்கப்பட்டுள்ளனர்.
